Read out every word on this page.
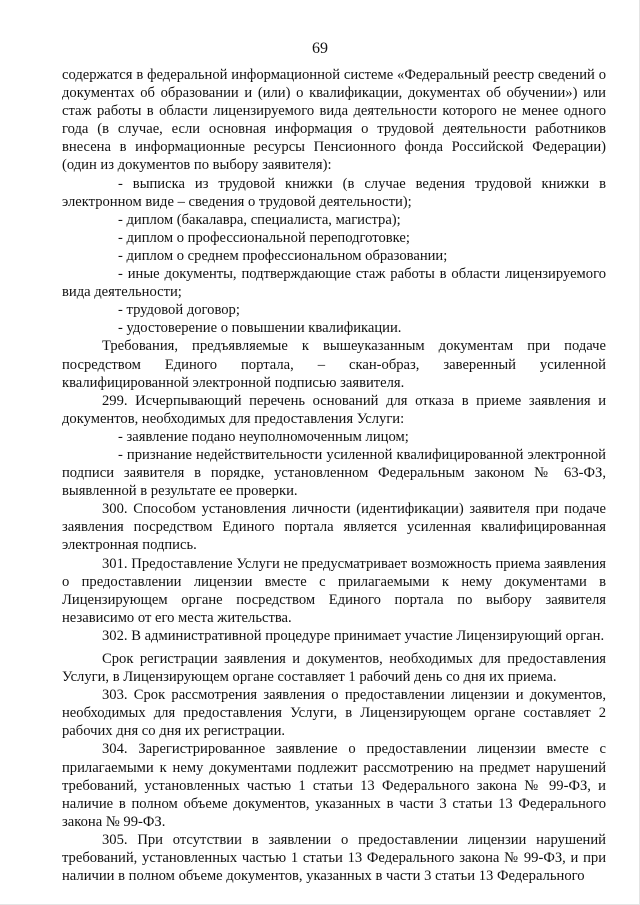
69

содержатся в федеральной информационной системе «Федеральный реестр сведений о документах об образовании и (или) о квалификации, документах об обучении») или стаж работы в области лицензируемого вида деятельности которого не менее одного года (в случае, если основная информация о трудовой деятельности работников внесена в информационные ресурсы Пенсионного фонда Российской Федерации) (один из документов по выбору заявителя):

- выписка из трудовой книжки (в случае ведения трудовой книжки в электронном виде – сведения о трудовой деятельности);

- диплом (бакалавра, специалиста, магистра);

- диплом о профессиональной переподготовке;

- диплом о среднем профессиональном образовании;

- иные документы, подтверждающие стаж работы в области лицензируемого вида деятельности;

- трудовой договор;

- удостоверение о повышении квалификации.

Требования, предъявляемые к вышеуказанным документам при подаче посредством Единого портала, – скан-образ, заверенный усиленной квалифицированной электронной подписью заявителя.

299. Исчерпывающий перечень оснований для отказа в приеме заявления и документов, необходимых для предоставления Услуги:

- заявление подано неуполномоченным лицом;

- признание недействительности усиленной квалифицированной электронной подписи заявителя в порядке, установленном Федеральным законом № 63-ФЗ, выявленной в результате ее проверки.

300. Способом установления личности (идентификации) заявителя при подаче заявления посредством Единого портала является усиленная квалифицированная электронная подпись.

301. Предоставление Услуги не предусматривает возможность приема заявления о предоставлении лицензии вместе с прилагаемыми к нему документами в Лицензирующем органе посредством Единого портала по выбору заявителя независимо от его места жительства.

302. В административной процедуре принимает участие Лицензирующий орган.

Срок регистрации заявления и документов, необходимых для предоставления Услуги, в Лицензирующем органе составляет 1 рабочий день со дня их приема.

303. Срок рассмотрения заявления о предоставлении лицензии и документов, необходимых для предоставления Услуги, в Лицензирующем органе составляет 2 рабочих дня со дня их регистрации.

304. Зарегистрированное заявление о предоставлении лицензии вместе с прилагаемыми к нему документами подлежит рассмотрению на предмет нарушений требований, установленных частью 1 статьи 13 Федерального закона № 99-ФЗ, и наличие в полном объеме документов, указанных в части 3 статьи 13 Федерального закона № 99-ФЗ.

305. При отсутствии в заявлении о предоставлении лицензии нарушений требований, установленных частью 1 статьи 13 Федерального закона № 99-ФЗ, и при наличии в полном объеме документов, указанных в части 3 статьи 13 Федерального
